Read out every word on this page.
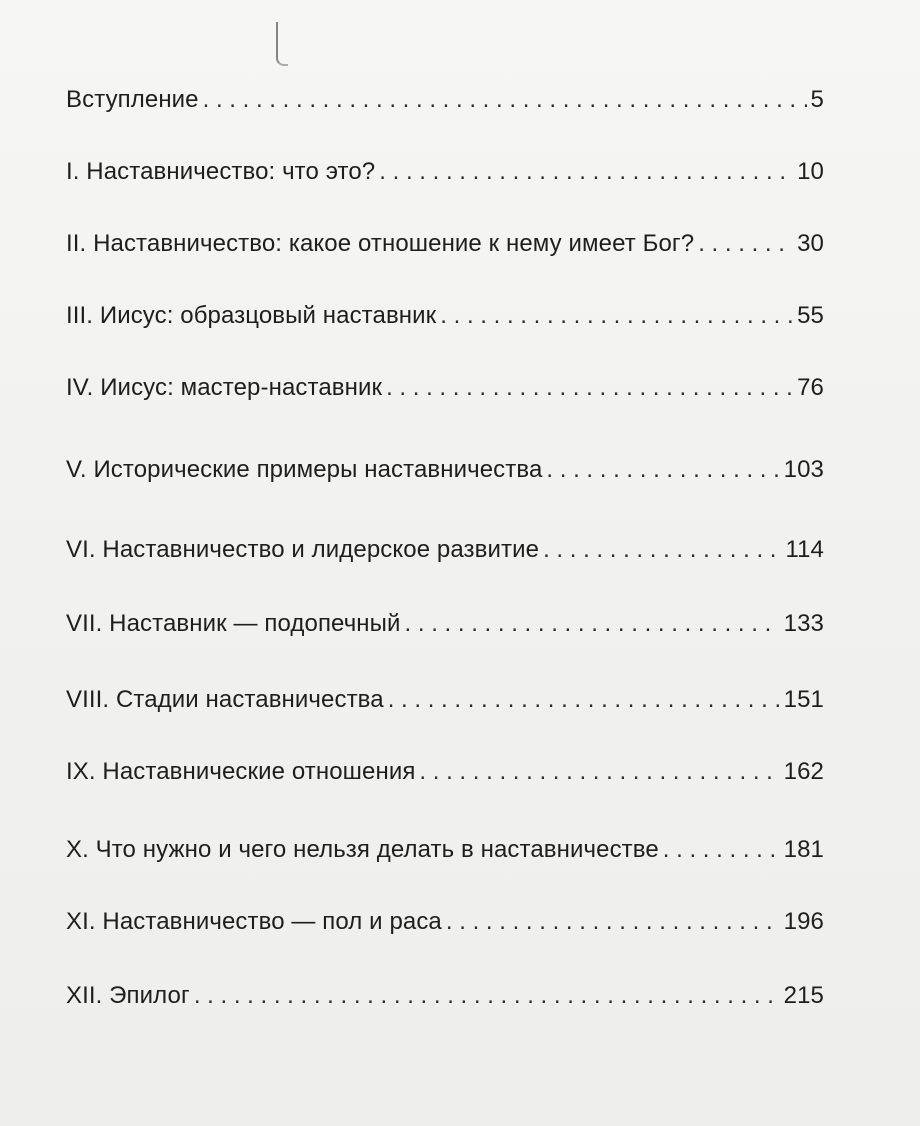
Вступление . . .	5
I. Наставничество: что это? . . .	10
II. Наставничество: какое отношение к нему имеет Бог? . . .	30
III. Иисус: образцовый наставник . . .	55
IV. Иисус: мастер-наставник . . .	76
V. Исторические примеры наставничества . . .	103
VI. Наставничество и лидерское развитие . . .	114
VII. Наставник — подопечный . . .	133
VIII. Стадии наставничества . . .	151
IX. Наставнические отношения . . .	162
X. Что нужно и чего нельзя делать в наставничестве . . .	181
XI. Наставничество — пол и раса . . .	196
XII. Эпилог . . .	215
